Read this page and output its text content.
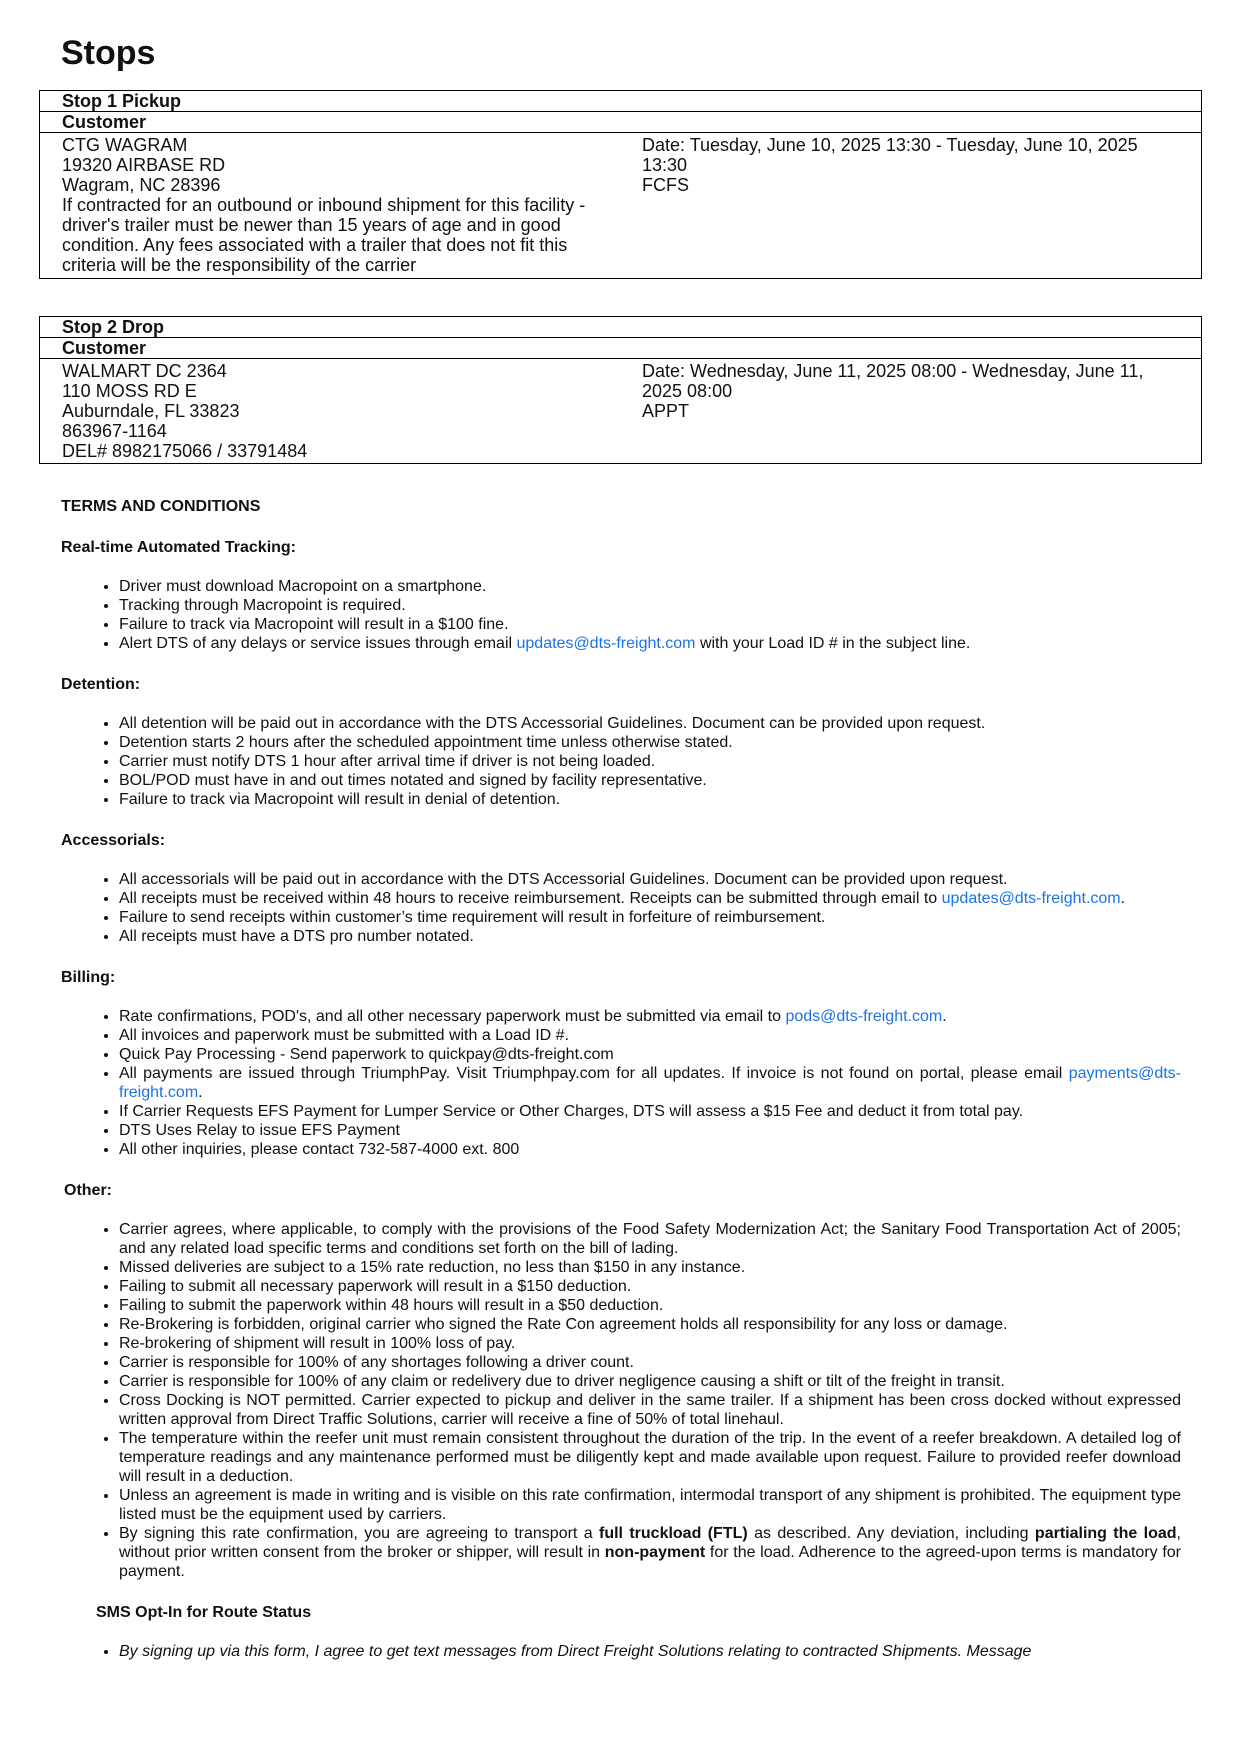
Stops
Stop 1 Pickup
Customer
CTG WAGRAM
19320 AIRBASE RD
Wagram, NC 28396
If contracted for an outbound or inbound shipment for this facility - driver's trailer must be newer than 15 years of age and in good condition. Any fees associated with a trailer that does not fit this criteria will be the responsibility of the carrier
Date: Tuesday, June 10, 2025 13:30 - Tuesday, June 10, 2025 13:30
FCFS
Stop 2 Drop
Customer
WALMART DC 2364
110 MOSS RD E
Auburndale, FL 33823
863967-1164
DEL# 8982175066 / 33791484
Date: Wednesday, June 11, 2025 08:00 - Wednesday, June 11, 2025 08:00
APPT
TERMS AND CONDITIONS
Real-time Automated Tracking:
• Driver must download Macropoint on a smartphone.
• Tracking through Macropoint is required.
• Failure to track via Macropoint will result in a $100 fine.
• Alert DTS of any delays or service issues through email updates@dts-freight.com with your Load ID # in the subject line.
Detention:
• All detention will be paid out in accordance with the DTS Accessorial Guidelines. Document can be provided upon request.
• Detention starts 2 hours after the scheduled appointment time unless otherwise stated.
• Carrier must notify DTS 1 hour after arrival time if driver is not being loaded.
• BOL/POD must have in and out times notated and signed by facility representative.
• Failure to track via Macropoint will result in denial of detention.
Accessorials:
• All accessorials will be paid out in accordance with the DTS Accessorial Guidelines. Document can be provided upon request.
• All receipts must be received within 48 hours to receive reimbursement. Receipts can be submitted through email to updates@dts-freight.com.
• Failure to send receipts within customer’s time requirement will result in forfeiture of reimbursement.
• All receipts must have a DTS pro number notated.
Billing:
• Rate confirmations, POD's, and all other necessary paperwork must be submitted via email to pods@dts-freight.com.
• All invoices and paperwork must be submitted with a Load ID #.
• Quick Pay Processing - Send paperwork to quickpay@dts-freight.com
• All payments are issued through TriumphPay. Visit Triumphpay.com for all updates. If invoice is not found on portal, please email payments@dts-freight.com.
• If Carrier Requests EFS Payment for Lumper Service or Other Charges, DTS will assess a $15 Fee and deduct it from total pay.
• DTS Uses Relay to issue EFS Payment
• All other inquiries, please contact 732-587-4000 ext. 800
Other:
• Carrier agrees, where applicable, to comply with the provisions of the Food Safety Modernization Act; the Sanitary Food Transportation Act of 2005; and any related load specific terms and conditions set forth on the bill of lading.
• Missed deliveries are subject to a 15% rate reduction, no less than $150 in any instance.
• Failing to submit all necessary paperwork will result in a $150 deduction.
• Failing to submit the paperwork within 48 hours will result in a $50 deduction.
• Re-Brokering is forbidden, original carrier who signed the Rate Con agreement holds all responsibility for any loss or damage.
• Re-brokering of shipment will result in 100% loss of pay.
• Carrier is responsible for 100% of any shortages following a driver count.
• Carrier is responsible for 100% of any claim or redelivery due to driver negligence causing a shift or tilt of the freight in transit.
• Cross Docking is NOT permitted. Carrier expected to pickup and deliver in the same trailer. If a shipment has been cross docked without expressed written approval from Direct Traffic Solutions, carrier will receive a fine of 50% of total linehaul.
• The temperature within the reefer unit must remain consistent throughout the duration of the trip. In the event of a reefer breakdown. A detailed log of temperature readings and any maintenance performed must be diligently kept and made available upon request. Failure to provided reefer download will result in a deduction.
• Unless an agreement is made in writing and is visible on this rate confirmation, intermodal transport of any shipment is prohibited. The equipment type listed must be the equipment used by carriers.
• By signing this rate confirmation, you are agreeing to transport a full truckload (FTL) as described. Any deviation, including partialing the load, without prior written consent from the broker or shipper, will result in non-payment for the load. Adherence to the agreed-upon terms is mandatory for payment.
SMS Opt-In for Route Status
• By signing up via this form, I agree to get text messages from Direct Freight Solutions relating to contracted Shipments. Message
